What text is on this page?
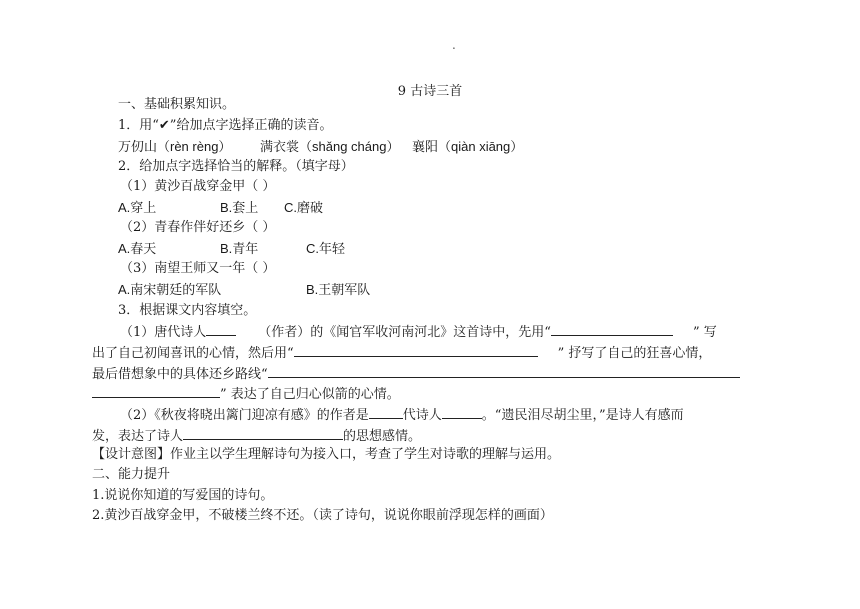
.
9 古诗三首
一、基础积累知识。
1．用“✔”给加点字选择正确的读音。
万仞山（rèn rèng） 满衣裳（shǎng cháng） 襄阳（qiàn xiāng）
2．给加点字选择恰当的解释。（填字母）
（1）黄沙百战穿金甲（ ）
A.穿上	B.套上 C.磨破
（2）青春作伴好还乡（ ）
A.春天	B.青年	C.年轻
（3）南望王师又一年（ ）
A.南宋朝廷的军队	B.王朝军队
3．根据课文内容填空。
（1）唐代诗人	（作者）的《闻官军收河南河北》这首诗中，先用“	” 写
出了自己初闻喜讯的心情，然后用“	” 抒写了自己的狂喜心情，
最后借想象中的具体还乡路线“
” 表达了自己归心似箭的心情。
（2）《秋夜将晓出篱门迎凉有感》的作者是	代诗人	。“遗民泪尽胡尘里，”是诗人有感而
发，表达了诗人	的思想感情。
【设计意图】作业主以学生理解诗句为接入口，考查了学生对诗歌的理解与运用。
二、能力提升
1.说说你知道的写爱国的诗句。
2.黄沙百战穿金甲，不破楼兰终不还。（读了诗句，说说你眼前浮现怎样的画面）
